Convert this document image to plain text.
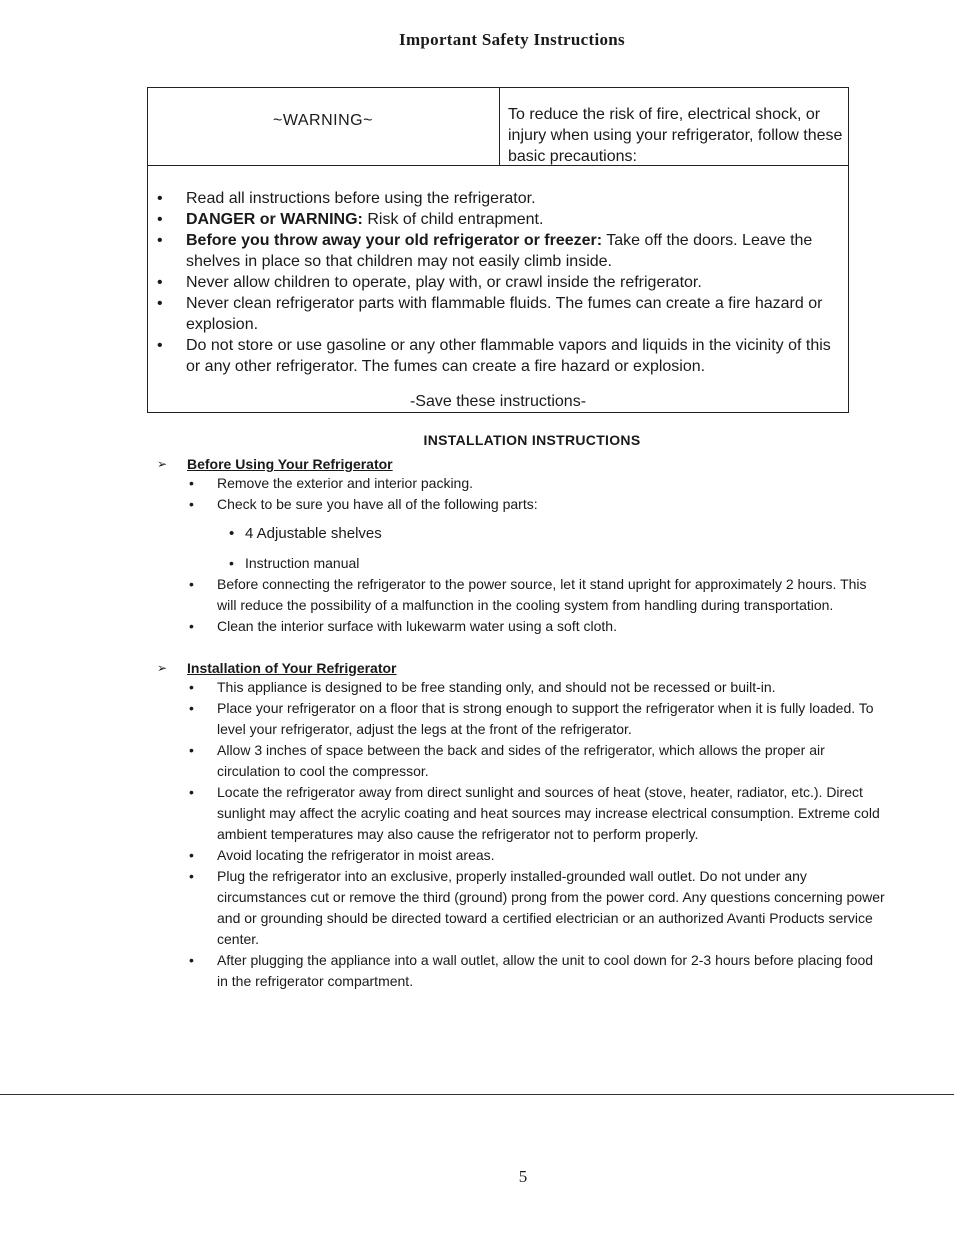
Important Safety Instructions
~WARNING~	To reduce the risk of fire, electrical shock, or injury when using your refrigerator, follow these basic precautions:
• Read all instructions before using the refrigerator.
• DANGER or WARNING: Risk of child entrapment.
• Before you throw away your old refrigerator or freezer: Take off the doors. Leave the shelves in place so that children may not easily climb inside.
• Never allow children to operate, play with, or crawl inside the refrigerator.
• Never clean refrigerator parts with flammable fluids. The fumes can create a fire hazard or explosion.
• Do not store or use gasoline or any other flammable vapors and liquids in the vicinity of this or any other refrigerator. The fumes can create a fire hazard or explosion.
-Save these instructions-
INSTALLATION INSTRUCTIONS
➢ Before Using Your Refrigerator
• Remove the exterior and interior packing.
• Check to be sure you have all of the following parts:
• 4 Adjustable shelves
• Instruction manual
• Before connecting the refrigerator to the power source, let it stand upright for approximately 2 hours. This will reduce the possibility of a malfunction in the cooling system from handling during transportation.
• Clean the interior surface with lukewarm water using a soft cloth.
➢ Installation of Your Refrigerator
• This appliance is designed to be free standing only, and should not be recessed or built-in.
• Place your refrigerator on a floor that is strong enough to support the refrigerator when it is fully loaded. To level your refrigerator, adjust the legs at the front of the refrigerator.
• Allow 3 inches of space between the back and sides of the refrigerator, which allows the proper air circulation to cool the compressor.
• Locate the refrigerator away from direct sunlight and sources of heat (stove, heater, radiator, etc.). Direct sunlight may affect the acrylic coating and heat sources may increase electrical consumption. Extreme cold ambient temperatures may also cause the refrigerator not to perform properly.
• Avoid locating the refrigerator in moist areas.
• Plug the refrigerator into an exclusive, properly installed-grounded wall outlet. Do not under any circumstances cut or remove the third (ground) prong from the power cord. Any questions concerning power and or grounding should be directed toward a certified electrician or an authorized Avanti Products service center.
• After plugging the appliance into a wall outlet, allow the unit to cool down for 2-3 hours before placing food in the refrigerator compartment.
5
